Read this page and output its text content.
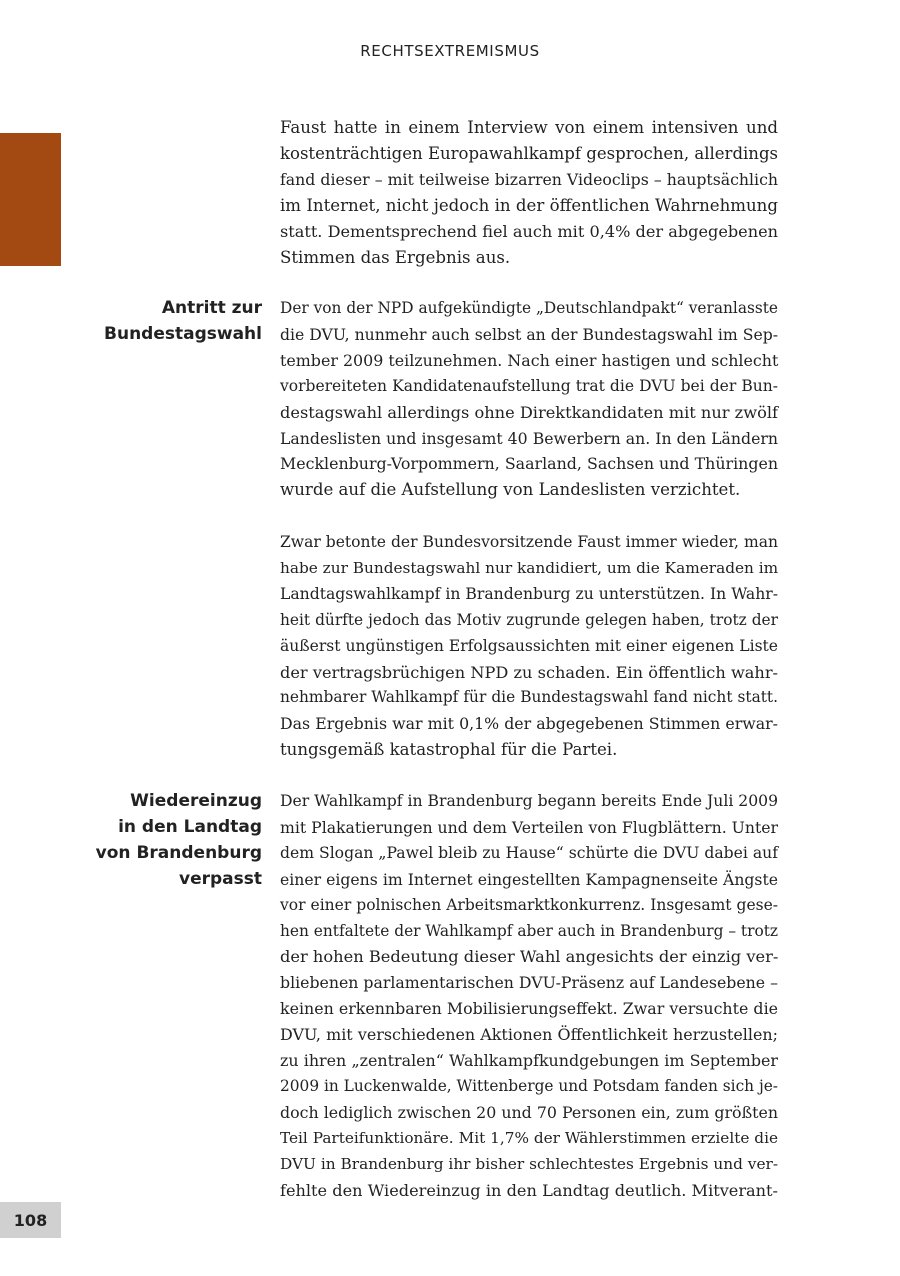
RECHTSEXTREMISMUS
Faust hatte in einem Interview von einem intensiven und
kostenträchtigen Europawahlkampf gesprochen, allerdings
fand dieser – mit teilweise bizarren Videoclips – hauptsächlich
im Internet, nicht jedoch in der öffentlichen Wahrnehmung
statt. Dementsprechend fiel auch mit 0,4% der abgegebenen
Stimmen das Ergebnis aus.
Antritt zur
Bundestagswahl
Der von der NPD aufgekündigte „Deutschlandpakt“ veranlasste
die DVU, nunmehr auch selbst an der Bundestagswahl im Sep-
tember 2009 teilzunehmen. Nach einer hastigen und schlecht
vorbereiteten Kandidatenaufstellung trat die DVU bei der Bun-
destagswahl allerdings ohne Direktkandidaten mit nur zwölf
Landeslisten und insgesamt 40 Bewerbern an. In den Ländern
Mecklenburg-Vorpommern, Saarland, Sachsen und Thüringen
wurde auf die Aufstellung von Landeslisten verzichtet.
Zwar betonte der Bundesvorsitzende Faust immer wieder, man
habe zur Bundestagswahl nur kandidiert, um die Kameraden im
Landtagswahlkampf in Brandenburg zu unterstützen. In Wahr-
heit dürfte jedoch das Motiv zugrunde gelegen haben, trotz der
äußerst ungünstigen Erfolgsaussichten mit einer eigenen Liste
der vertragsbrüchigen NPD zu schaden. Ein öffentlich wahr-
nehmbarer Wahlkampf für die Bundestagswahl fand nicht statt.
Das Ergebnis war mit 0,1% der abgegebenen Stimmen erwar-
tungsgemäß katastrophal für die Partei.
Wiedereinzug
in den Landtag
von Brandenburg
verpasst
Der Wahlkampf in Brandenburg begann bereits Ende Juli 2009
mit Plakatierungen und dem Verteilen von Flugblättern. Unter
dem Slogan „Pawel bleib zu Hause“ schürte die DVU dabei auf
einer eigens im Internet eingestellten Kampagnenseite Ängste
vor einer polnischen Arbeitsmarktkonkurrenz. Insgesamt gese-
hen entfaltete der Wahlkampf aber auch in Brandenburg – trotz
der hohen Bedeutung dieser Wahl angesichts der einzig ver-
bliebenen parlamentarischen DVU-Präsenz auf Landesebene –
keinen erkennbaren Mobilisierungseffekt. Zwar versuchte die
DVU, mit verschiedenen Aktionen Öffentlichkeit herzustellen;
zu ihren „zentralen“ Wahlkampfkundgebungen im September
2009 in Luckenwalde, Wittenberge und Potsdam fanden sich je-
doch lediglich zwischen 20 und 70 Personen ein, zum größten
Teil Parteifunktionäre. Mit 1,7% der Wählerstimmen erzielte die
DVU in Brandenburg ihr bisher schlechtestes Ergebnis und ver-
fehlte den Wiedereinzug in den Landtag deutlich. Mitverant-
108
